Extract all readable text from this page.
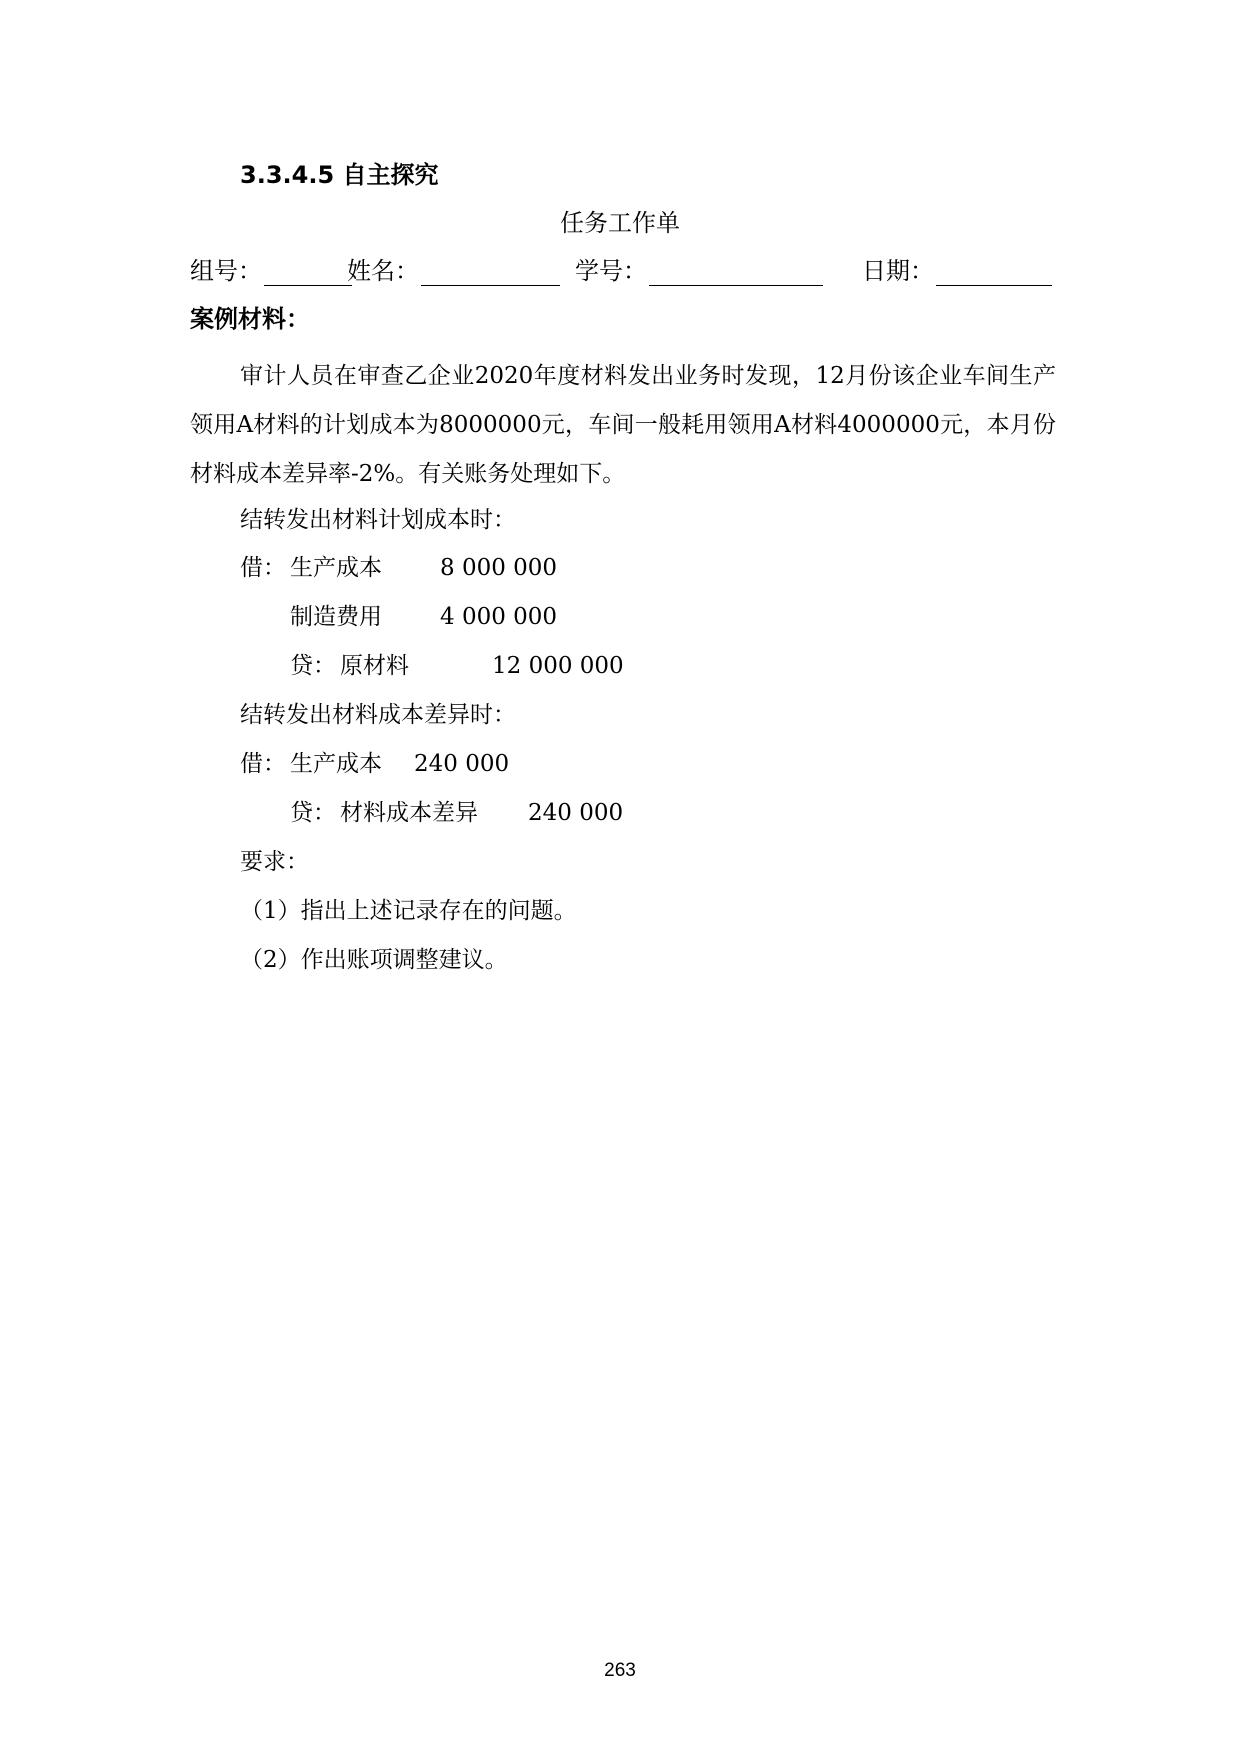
3.3.4.5 自主探究
任务工作单
组号：	姓名：	学号：	日期：
案例材料：

审计人员在审查乙企业2020年度材料发出业务时发现，12月份该企业车间生产领用A材料的计划成本为8000000元，车间一般耗用领用A材料4000000元，本月份材料成本差异率-2%。有关账务处理如下。

结转发出材料计划成本时：
借： 生产成本	8 000 000
制造费用	4 000 000
贷： 原材料	12 000 000
结转发出材料成本差异时：
借： 生产成本 240 000
贷： 材料成本差异 240 000
要求：
（1）指出上述记录存在的问题。
（2）作出账项调整建议。
263
